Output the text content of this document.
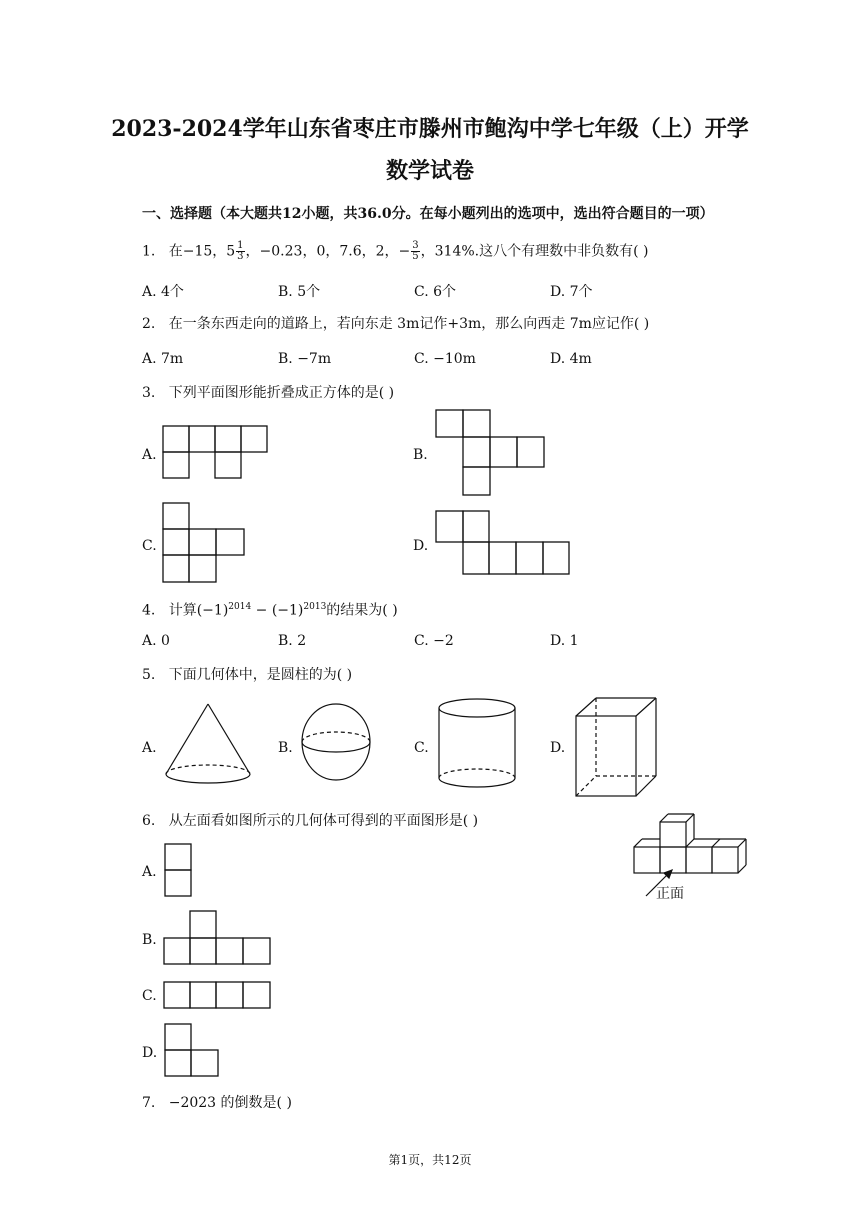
2023-2024学年山东省枣庄市滕州市鲍沟中学七年级（上）开学
数学试卷
一、选择题（本大题共12小题，共36.0分。在每小题列出的选项中，选出符合题目的一项）
1. 在−15，$5 \frac{1}{3}$ ，−0.23，0，7.6，2，− $\frac{3}{5}$ ，314%.这八个有理数中非负数有( )
A. 4个	B. 5个	C. 6个	D. 7个
2. 在一条东西走向的道路上，若向东走 3m记作+3m，那么向西走 7m应记作( )
A. 7m	B. −7m	C. −10m	D. 4m
3. 下列平面图形能折叠成正方体的是( )
A.	B.
C.	D.
4. 计算$(-1)^{2014} - (-1)^{2013}$的结果为( )
A. 0	B. 2	C. −2	D. 1
5. 下面几何体中，是圆柱的为( )
A.	B.	C.	D.
6. 从左面看如图所示的几何体可得到的平面图形是( )
正面
A.
B.
C.
D.
7. −2023 的倒数是( )
第1页，共12页
